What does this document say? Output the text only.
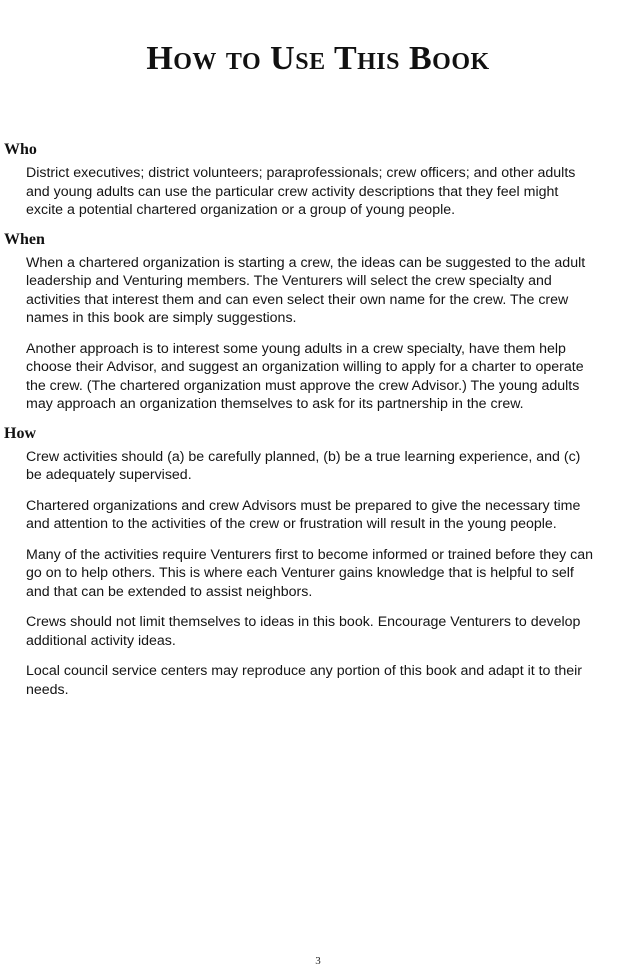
How to Use This Book
Who

District executives; district volunteers; paraprofessionals; crew officers; and other adults and young adults can use the particular crew activity descriptions that they feel might excite a potential chartered organization or a group of young people.

When

When a chartered organization is starting a crew, the ideas can be suggested to the adult leadership and Venturing members. The Venturers will select the crew specialty and activities that interest them and can even select their own name for the crew. The crew names in this book are simply suggestions.

Another approach is to interest some young adults in a crew specialty, have them help choose their Advisor, and suggest an organization willing to apply for a charter to operate the crew. (The chartered organization must approve the crew Advisor.) The young adults may approach an organization themselves to ask for its partnership in the crew.

How

Crew activities should (a) be carefully planned, (b) be a true learning experience, and (c) be adequately supervised.

Chartered organizations and crew Advisors must be prepared to give the necessary time and attention to the activities of the crew or frustration will result in the young people.

Many of the activities require Venturers first to become informed or trained before they can go on to help others. This is where each Venturer gains knowledge that is helpful to self and that can be extended to assist neighbors.

Crews should not limit themselves to ideas in this book. Encourage Venturers to develop additional activity ideas.

Local council service centers may reproduce any portion of this book and adapt it to their needs.

3
